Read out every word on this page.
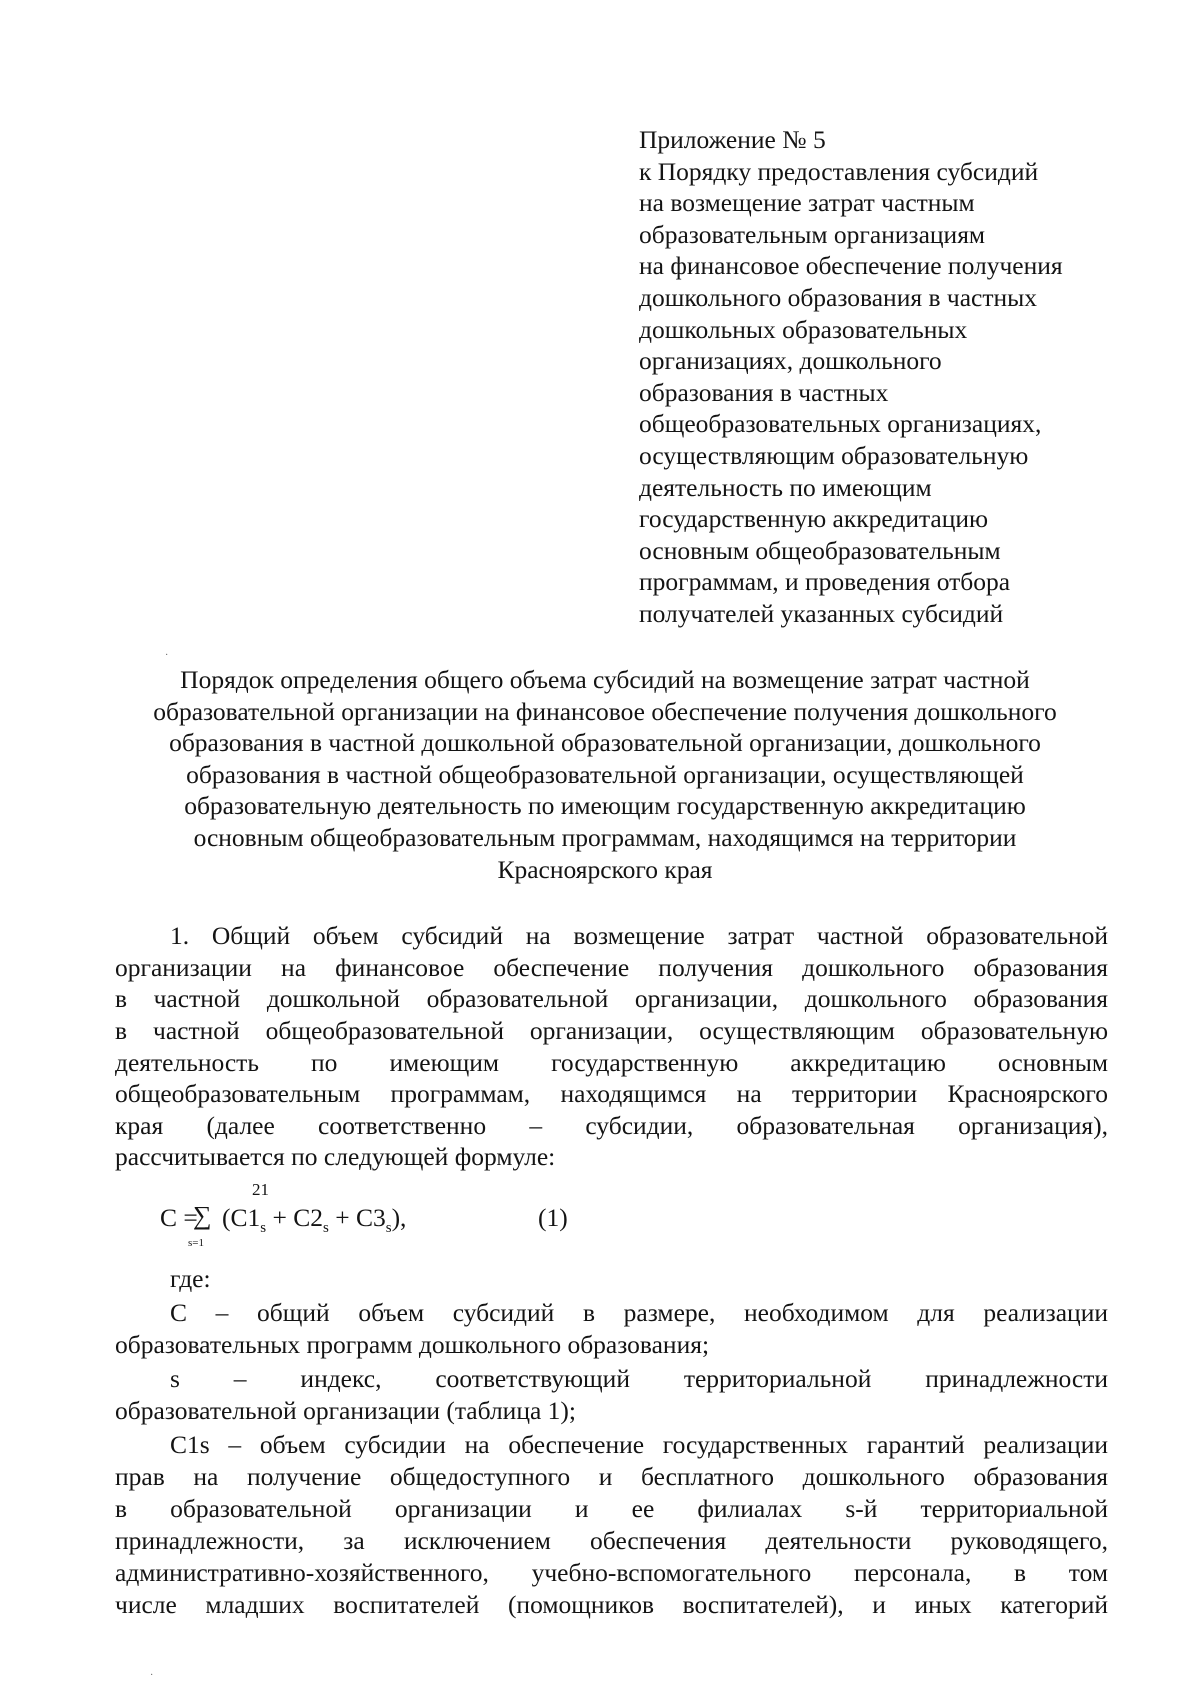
Приложение № 5
к Порядку предоставления субсидий
на возмещение затрат частным
образовательным организациям
на финансовое обеспечение получения
дошкольного образования в частных
дошкольных образовательных
организациях, дошкольного
образования в частных
общеобразовательных организациях,
осуществляющим образовательную
деятельность по имеющим
государственную аккредитацию
основным общеобразовательным
программам, и проведения отбора
получателей указанных субсидий
Порядок определения общего объема субсидий на возмещение затрат частной
образовательной организации на финансовое обеспечение получения дошкольного
образования в частной дошкольной образовательной организации, дошкольного
образования в частной общеобразовательной организации, осуществляющей
образовательную деятельность по имеющим государственную аккредитацию
основным общеобразовательным программам, находящимся на территории
Красноярского края
1. Общий объем субсидий на возмещение затрат частной образовательной
организации на финансовое обеспечение получения дошкольного образования
в частной дошкольной образовательной организации, дошкольного образования
в частной общеобразовательной организации, осуществляющим образовательную
деятельность по имеющим государственную аккредитацию основным
общеобразовательным программам, находящимся на территории Красноярского
края (далее соответственно – субсидии, образовательная организация),
рассчитывается по следующей формуле:
С =
∑
21
s=1
$(С1_s + С2_s + С3_s)$,	(1)
где:
С – общий объем субсидий в размере, необходимом для реализации
образовательных программ дошкольного образования;
s – индекс, соответствующий территориальной принадлежности
образовательной организации (таблица 1);
С1s – объем субсидии на обеспечение государственных гарантий реализации
прав на получение общедоступного и бесплатного дошкольного образования
в образовательной организации и ее филиалах s-й территориальной
принадлежности, за исключением обеспечения деятельности руководящего,
административно-хозяйственного, учебно-вспомогательного персонала, в том
числе младших воспитателей (помощников воспитателей), и иных категорий
·
·
